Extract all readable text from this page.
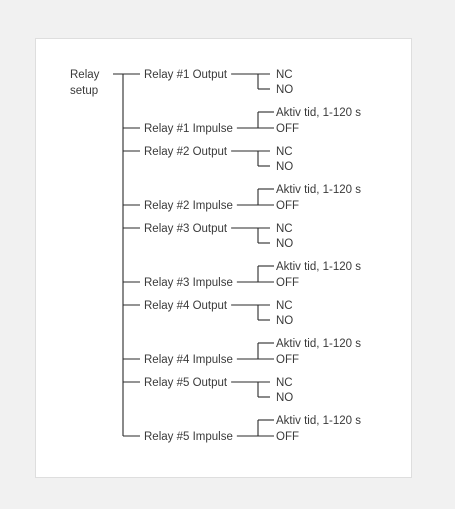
Relay
setup
Relay #1 Output	NC
NO
Relay #1 Impulse
Aktiv tid, 1-120 s
OFF
Relay #2 Output	NC
NO
Relay #2 Impulse
Aktiv tid, 1-120 s
OFF
Relay #3 Output	NC
NO
Relay #3 Impulse
Aktiv tid, 1-120 s
OFF
Relay #4 Output	NC
NO
Relay #4 Impulse
Aktiv tid, 1-120 s
OFF
Relay #5 Output	NC
NO
Relay #5 Impulse
Aktiv tid, 1-120 s
OFF
